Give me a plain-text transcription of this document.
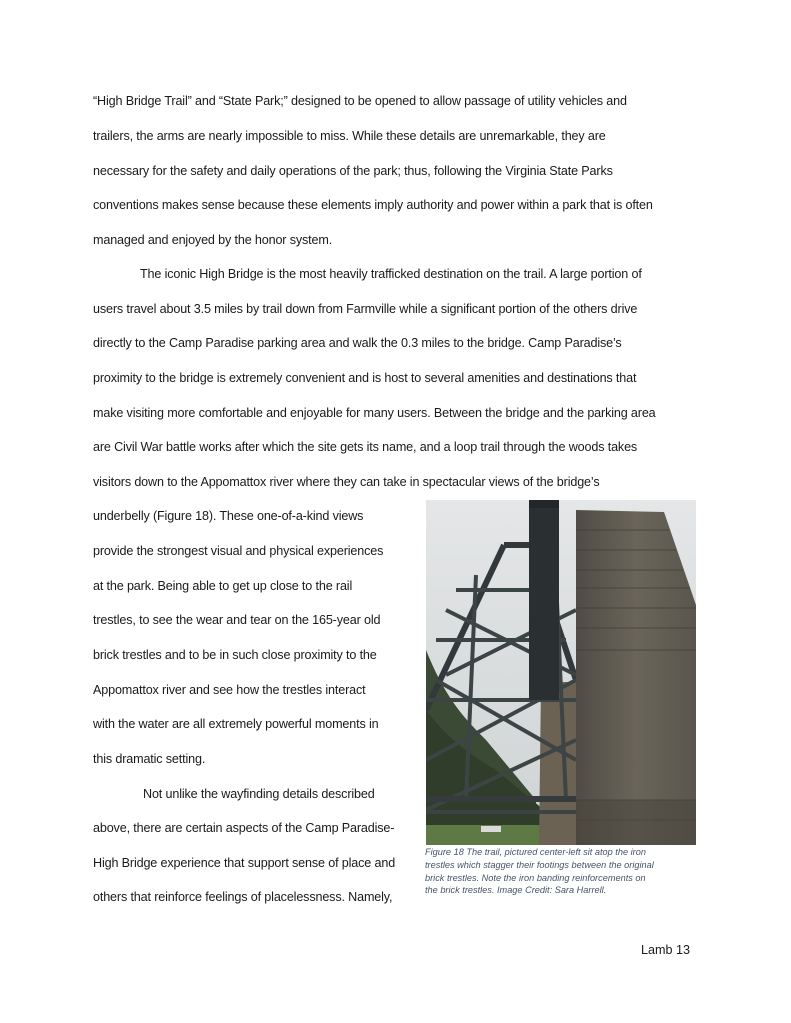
“High Bridge Trail” and “State Park;” designed to be opened to allow passage of utility vehicles and
trailers, the arms are nearly impossible to miss. While these details are unremarkable, they are
necessary for the safety and daily operations of the park; thus, following the Virginia State Parks
conventions makes sense because these elements imply authority and power within a park that is often
managed and enjoyed by the honor system.
The iconic High Bridge is the most heavily trafficked destination on the trail. A large portion of
users travel about 3.5 miles by trail down from Farmville while a significant portion of the others drive
directly to the Camp Paradise parking area and walk the 0.3 miles to the bridge. Camp Paradise’s
proximity to the bridge is extremely convenient and is host to several amenities and destinations that
make visiting more comfortable and enjoyable for many users. Between the bridge and the parking area
are Civil War battle works after which the site gets its name, and a loop trail through the woods takes
visitors down to the Appomattox river where they can take in spectacular views of the bridge’s
underbelly (Figure 18). These one-of-a-kind views
provide the strongest visual and physical experiences
at the park. Being able to get up close to the rail
trestles, to see the wear and tear on the 165-year old
brick trestles and to be in such close proximity to the
Appomattox river and see how the trestles interact
with the water are all extremely powerful moments in
this dramatic setting.
Not unlike the wayfinding details described
above, there are certain aspects of the Camp Paradise-
High Bridge experience that support sense of place and
others that reinforce feelings of placelessness. Namely,
Figure 18 The trail, pictured center-left sit atop the iron
trestles which stagger their footings between the original
brick trestles. Note the iron banding reinforcements on
the brick trestles. Image Credit: Sara Harrell.
Lamb 13
